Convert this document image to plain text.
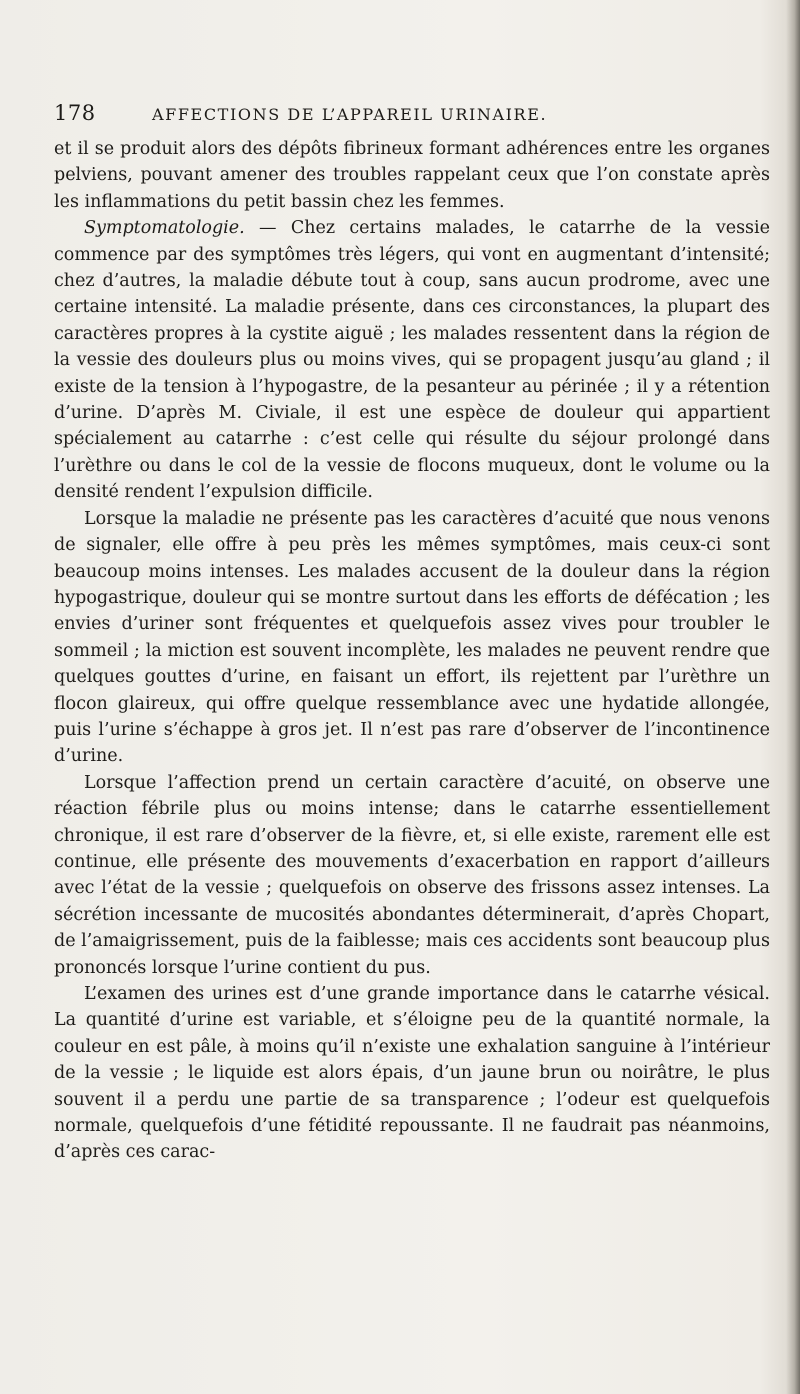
178	AFFECTIONS DE L’APPAREIL URINAIRE.

et il se produit alors des dépôts fibrineux formant adhérences entre les organes pelviens, pouvant amener des troubles rappelant ceux que l’on constate après les inflammations du petit bassin chez les femmes.

Symptomatologie. — Chez certains malades, le catarrhe de la vessie commence par des symptômes très légers, qui vont en augmentant d’intensité; chez d’autres, la maladie débute tout à coup, sans aucun prodrome, avec une certaine intensité. La maladie présente, dans ces circonstances, la plupart des caractères propres à la cystite aiguë ; les malades ressentent dans la région de la vessie des douleurs plus ou moins vives, qui se propagent jusqu’au gland ; il existe de la tension à l’hypogastre, de la pesanteur au périnée ; il y a rétention d’urine. D’après M. Civiale, il est une espèce de douleur qui appartient spécialement au catarrhe : c’est celle qui résulte du séjour prolongé dans l’urèthre ou dans le col de la vessie de flocons muqueux, dont le volume ou la densité rendent l’expulsion difficile.

Lorsque la maladie ne présente pas les caractères d’acuité que nous venons de signaler, elle offre à peu près les mêmes symptômes, mais ceux-ci sont beaucoup moins intenses. Les malades accusent de la douleur dans la région hypogastrique, douleur qui se montre surtout dans les efforts de défécation ; les envies d’uriner sont fréquentes et quelquefois assez vives pour troubler le sommeil ; la miction est souvent incomplète, les malades ne peuvent rendre que quelques gouttes d’urine, en faisant un effort, ils rejettent par l’urèthre un flocon glaireux, qui offre quelque ressemblance avec une hydatide allongée, puis l’urine s’échappe à gros jet. Il n’est pas rare d’observer de l’incontinence d’urine.

Lorsque l’affection prend un certain caractère d’acuité, on observe une réaction fébrile plus ou moins intense; dans le catarrhe essentiellement chronique, il est rare d’observer de la fièvre, et, si elle existe, rarement elle est continue, elle présente des mouvements d’exacerbation en rapport d’ailleurs avec l’état de la vessie ; quelquefois on observe des frissons assez intenses. La sécrétion incessante de mucosités abondantes déterminerait, d’après Chopart, de l’amaigrissement, puis de la faiblesse; mais ces accidents sont beaucoup plus prononcés lorsque l’urine contient du pus.

L’examen des urines est d’une grande importance dans le catarrhe vésical. La quantité d’urine est variable, et s’éloigne peu de la quantité normale, la couleur en est pâle, à moins qu’il n’existe une exhalation sanguine à l’intérieur de la vessie ; le liquide est alors épais, d’un jaune brun ou noirâtre, le plus souvent il a perdu une partie de sa transparence ; l’odeur est quelquefois normale, quelquefois d’une fétidité repoussante. Il ne faudrait pas néanmoins, d’après ces carac-
